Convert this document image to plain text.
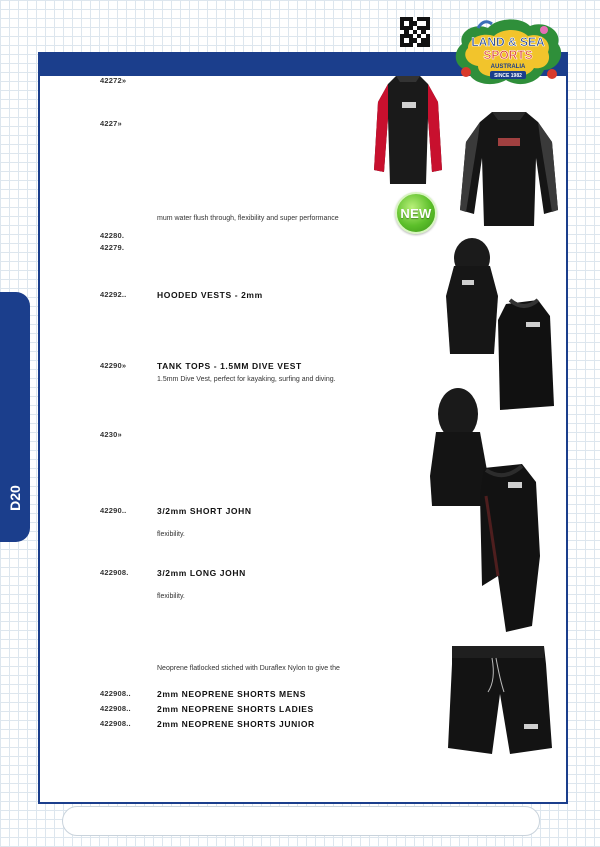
D20
LAND & SEA
SPORTS
AUSTRALIA
SINCE 1982
NEW
42272»
4227»
42280.
42279.
42292..
42290»
4230»
42290..
422908.
422908..
422908..
422908..
HOODED VESTS - 2mm
TANK TOPS - 1.5MM DIVE VEST
3/2mm SHORT JOHN
3/2mm LONG JOHN
2mm NEOPRENE SHORTS MENS
2mm NEOPRENE SHORTS LADIES
2mm NEOPRENE SHORTS JUNIOR
mum water flush through, flexibility and super performance
1.5mm Dive Vest, perfect for kayaking, surfing and diving.
flexibility.
flexibility.
Neoprene flatlocked stiched with Duraflex Nylon to give the
